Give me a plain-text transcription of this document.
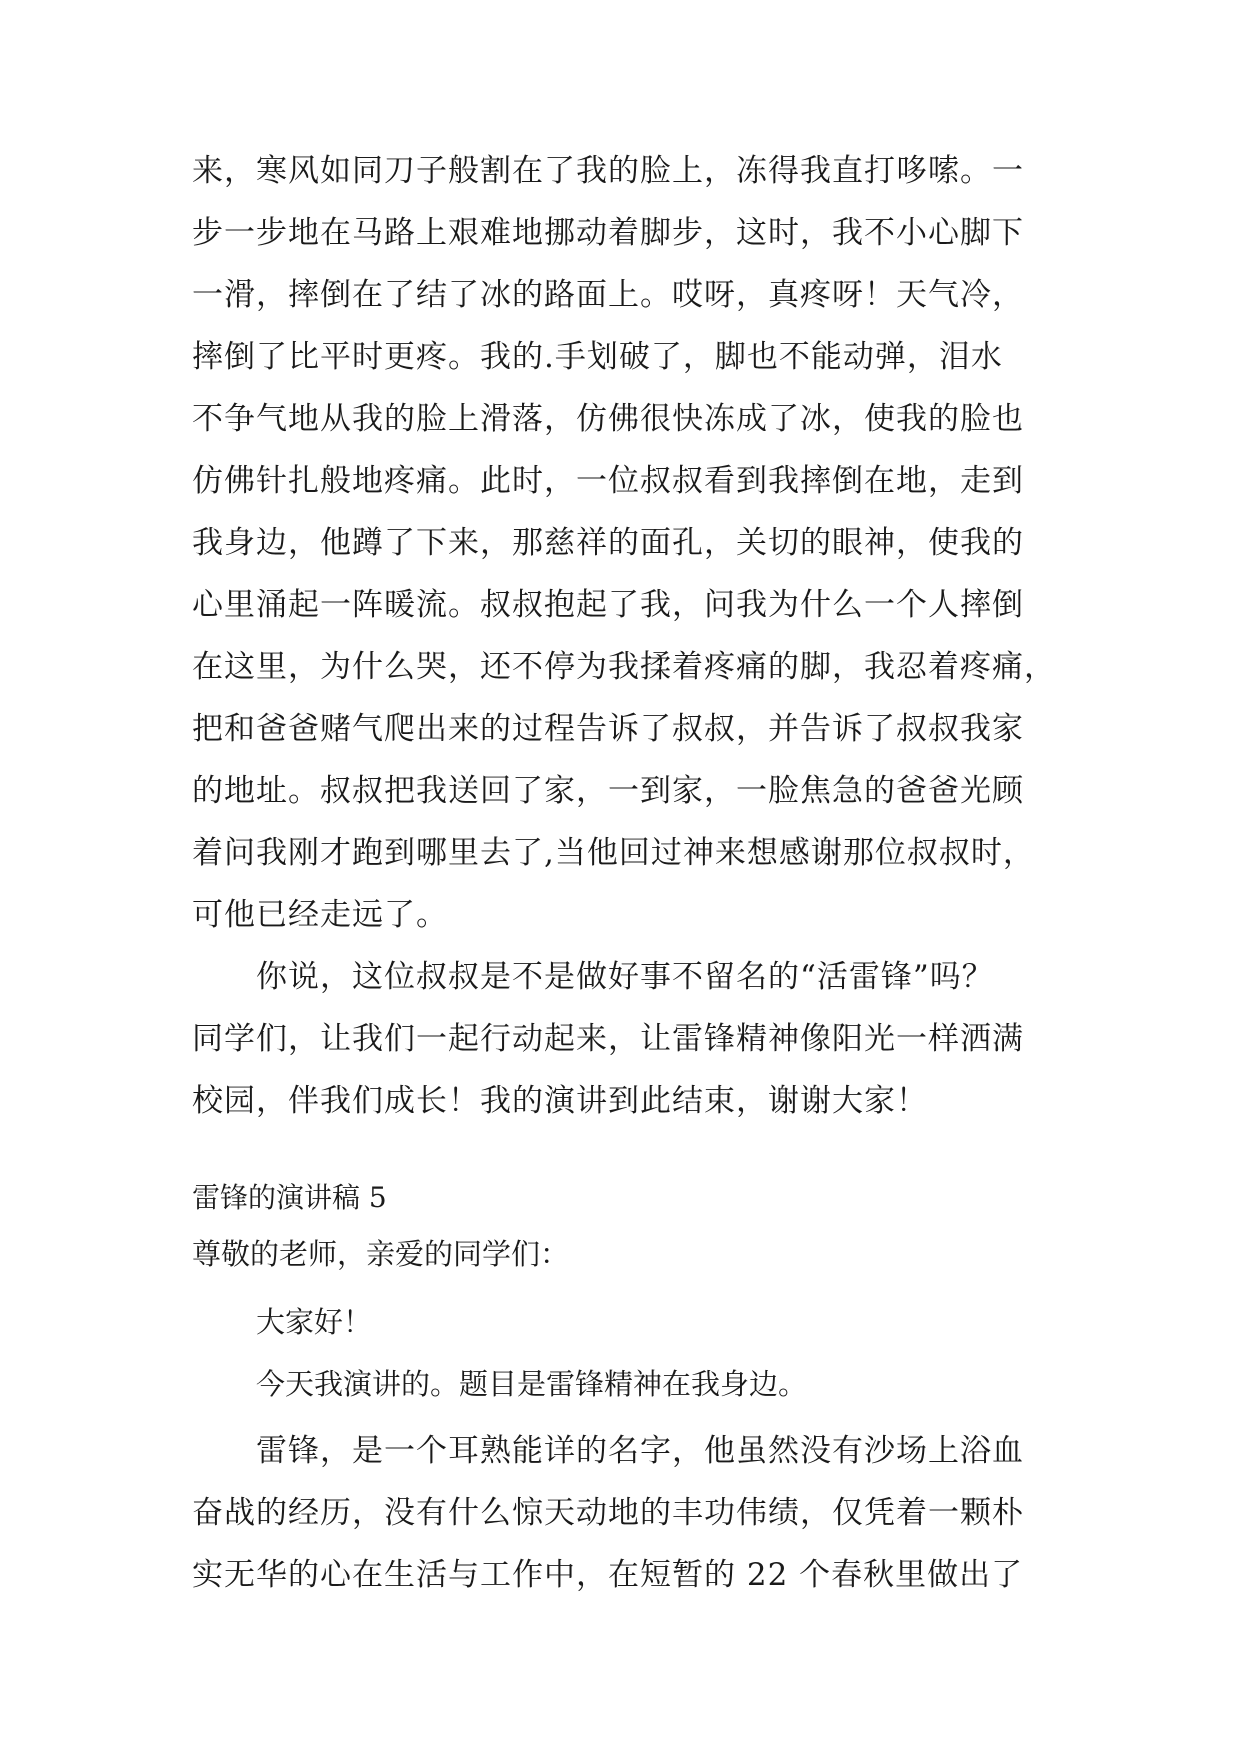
来，寒风如同刀子般割在了我的脸上，冻得我直打哆嗦。一
步一步地在马路上艰难地挪动着脚步，这时，我不小心脚下
一滑，摔倒在了结了冰的路面上。哎呀，真疼呀！天气冷，
摔倒了比平时更疼。我的.手划破了，脚也不能动弹，泪水
不争气地从我的脸上滑落，仿佛很快冻成了冰，使我的脸也
仿佛针扎般地疼痛。此时，一位叔叔看到我摔倒在地，走到
我身边，他蹲了下来，那慈祥的面孔，关切的眼神，使我的
心里涌起一阵暖流。叔叔抱起了我，问我为什么一个人摔倒
在这里，为什么哭，还不停为我揉着疼痛的脚，我忍着疼痛，
把和爸爸赌气爬出来的过程告诉了叔叔，并告诉了叔叔我家
的地址。叔叔把我送回了家，一到家，一脸焦急的爸爸光顾
着问我刚才跑到哪里去了,当他回过神来想感谢那位叔叔时，
可他已经走远了。
你说，这位叔叔是不是做好事不留名的“活雷锋”吗？
同学们，让我们一起行动起来，让雷锋精神像阳光一样洒满
校园，伴我们成长！我的演讲到此结束，谢谢大家！
雷锋的演讲稿 5
尊敬的老师，亲爱的同学们：
大家好！
今天我演讲的。题目是雷锋精神在我身边。
雷锋，是一个耳熟能详的名字，他虽然没有沙场上浴血
奋战的经历，没有什么惊天动地的丰功伟绩，仅凭着一颗朴
实无华的心在生活与工作中，在短暂的 22 个春秋里做出了
